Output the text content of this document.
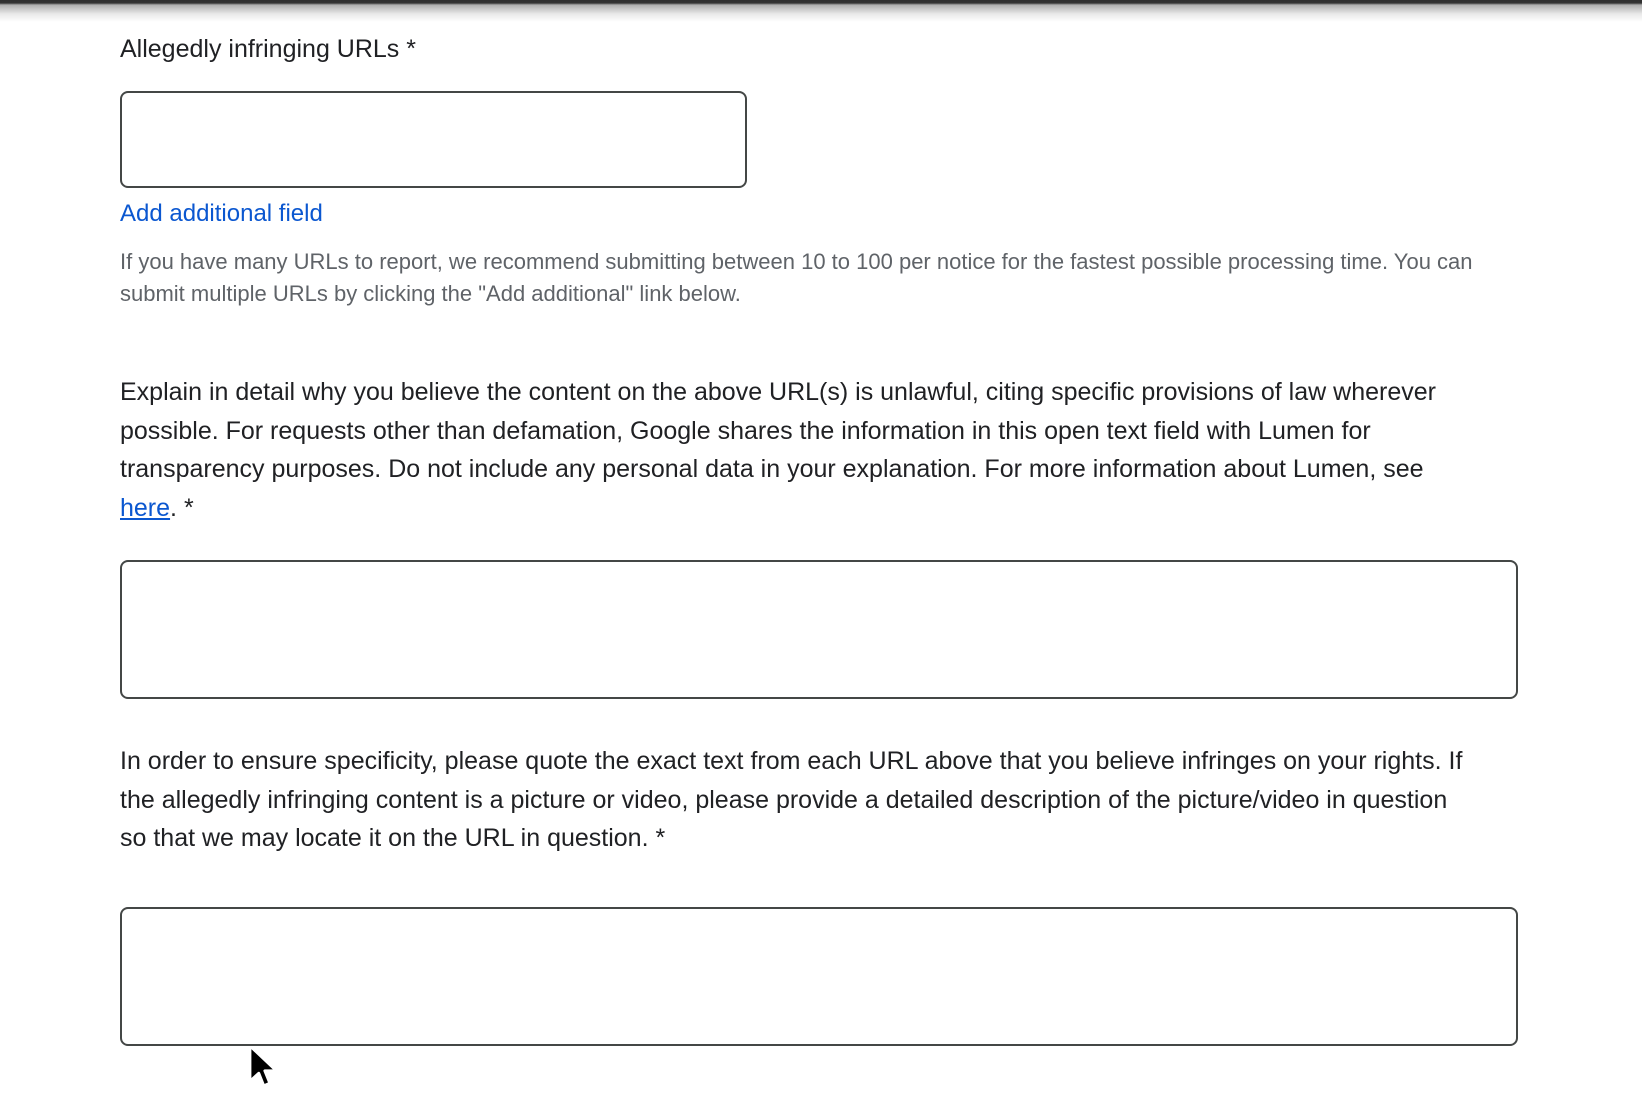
Allegedly infringing URLs *
Add additional field
If you have many URLs to report, we recommend submitting between 10 to 100 per notice for the fastest possible processing time. You can submit multiple URLs by clicking the "Add additional" link below.
Explain in detail why you believe the content on the above URL(s) is unlawful, citing specific provisions of law wherever possible. For requests other than defamation, Google shares the information in this open text field with Lumen for transparency purposes. Do not include any personal data in your explanation. For more information about Lumen, see here. *
In order to ensure specificity, please quote the exact text from each URL above that you believe infringes on your rights. If the allegedly infringing content is a picture or video, please provide a detailed description of the picture/video in question so that we may locate it on the URL in question. *
